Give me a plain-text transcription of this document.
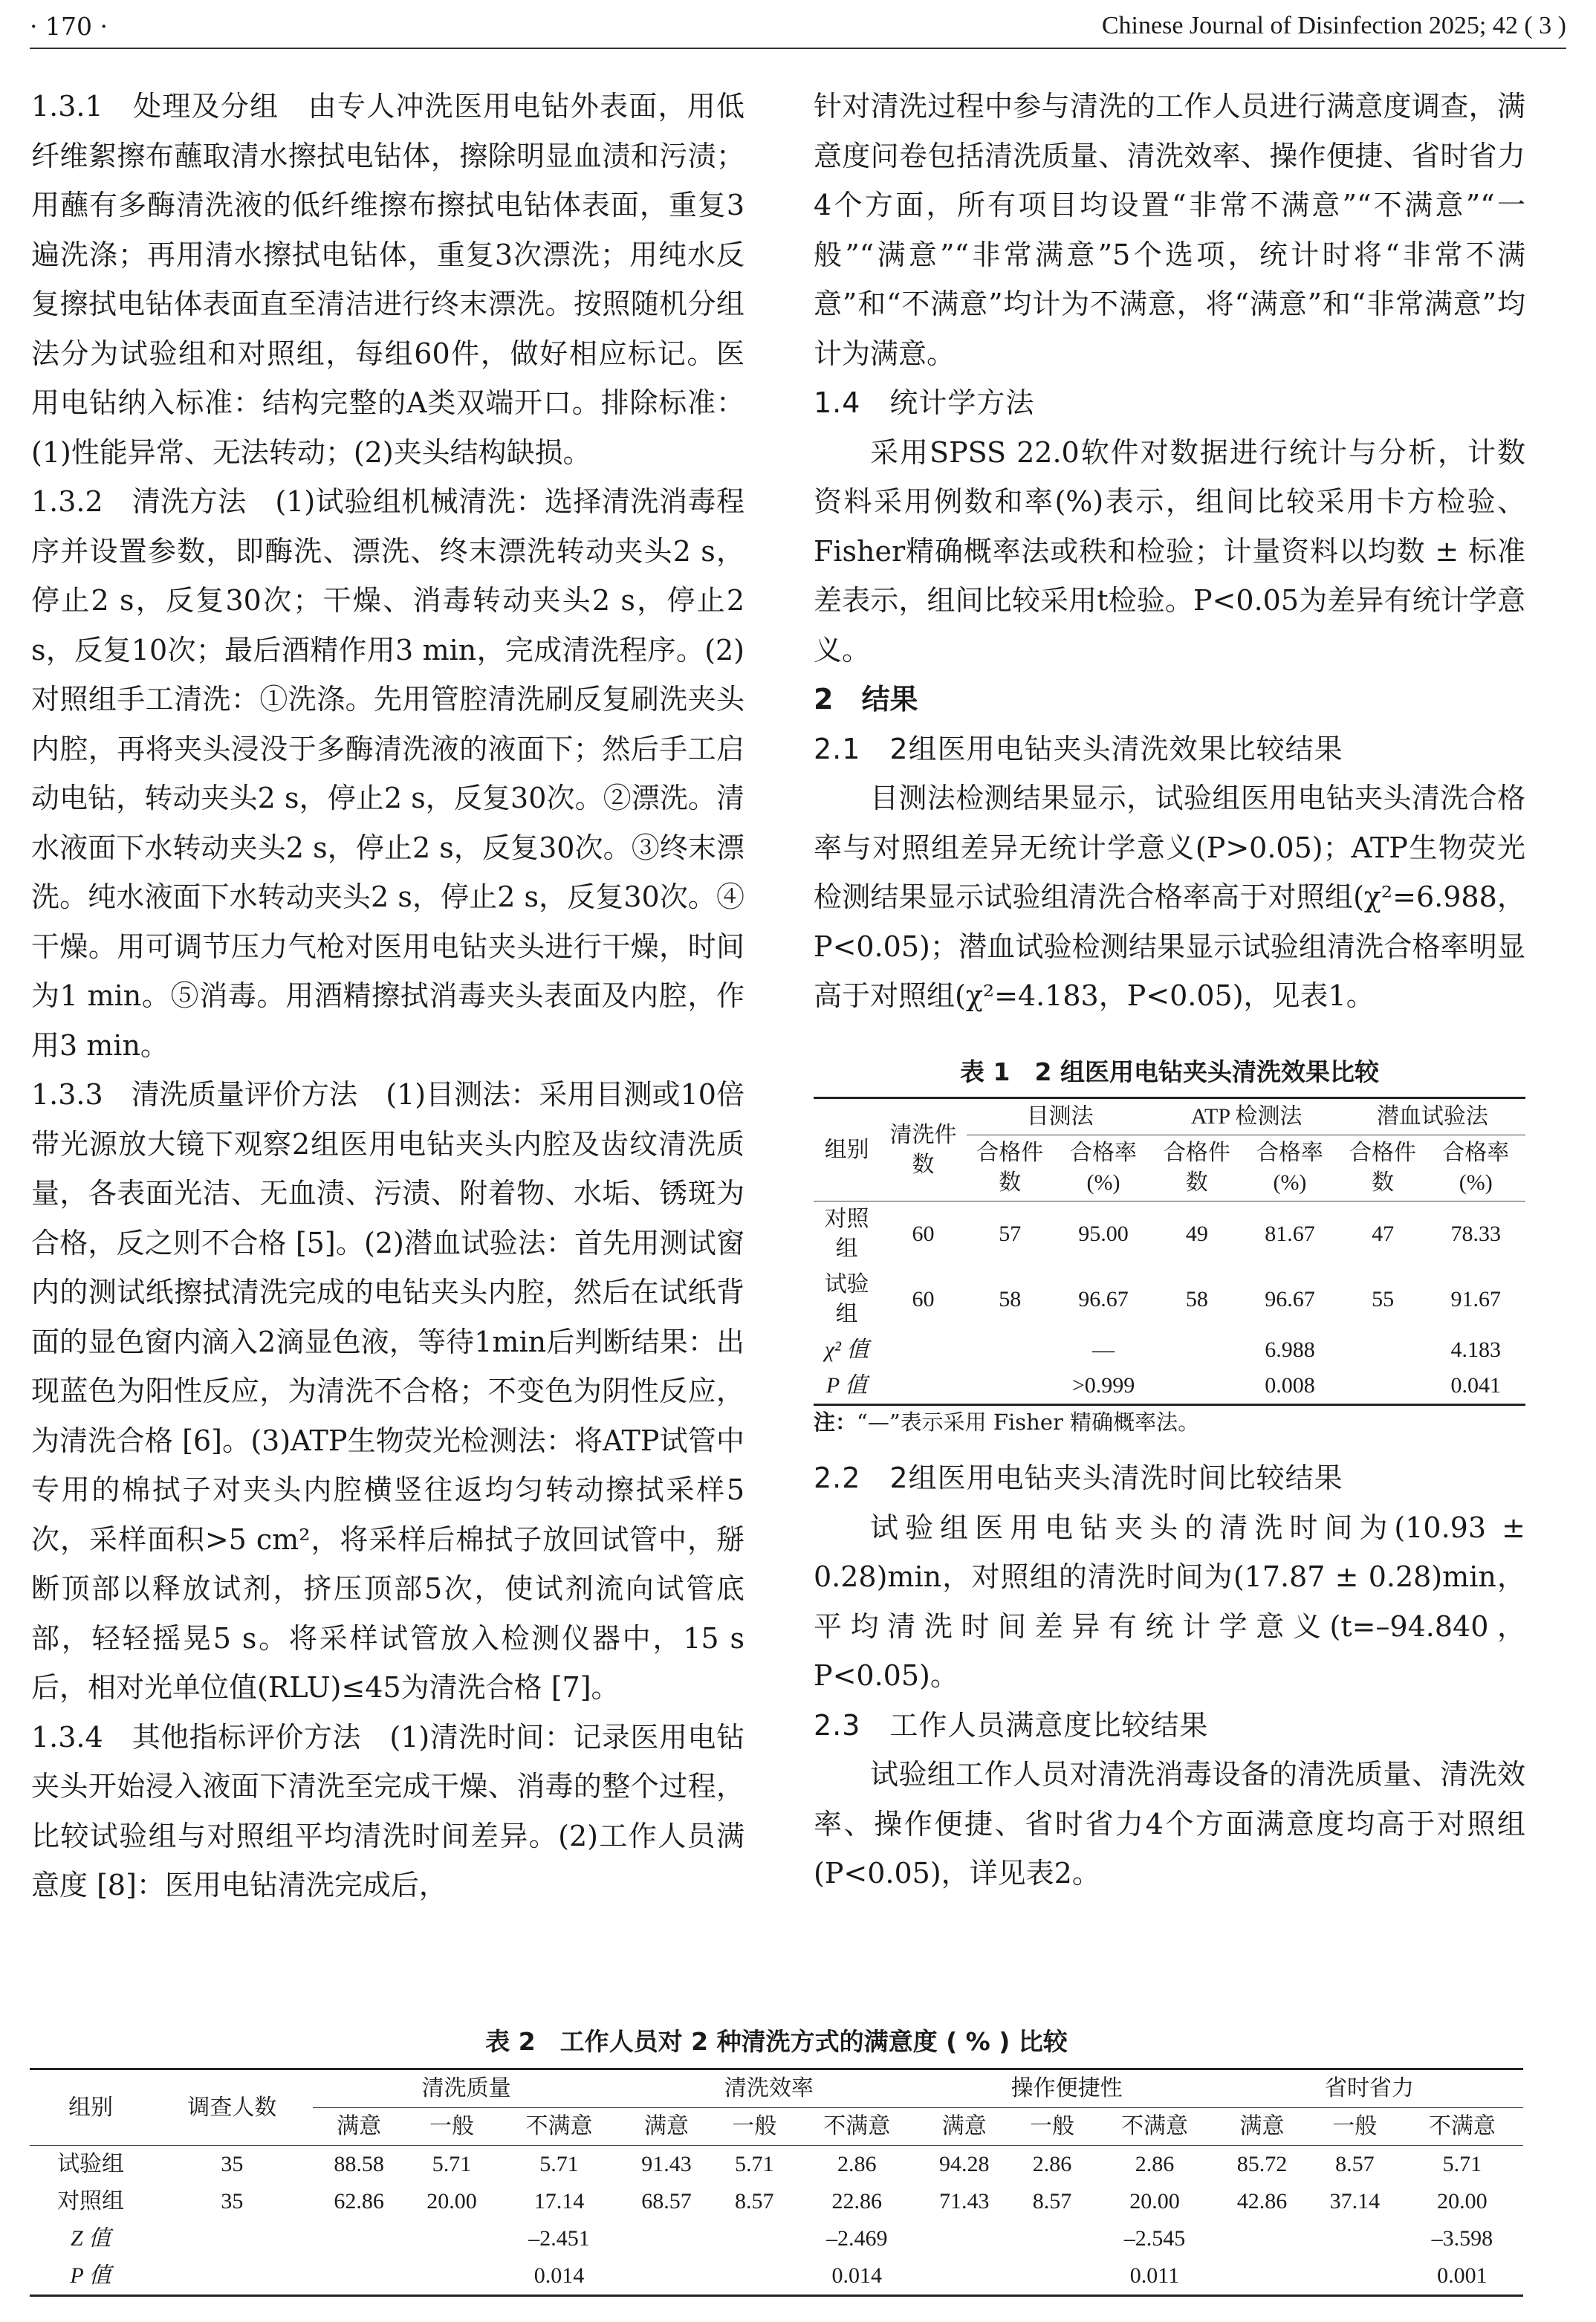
· 170 ·	Chinese Journal of Disinfection 2025; 42 ( 3 )

1.3.1　处理及分组　由专人冲洗医用电钻外表面，用低纤维絮擦布蘸取清水擦拭电钻体，擦除明显血渍和污渍；用蘸有多酶清洗液的低纤维擦布擦拭电钻体表面，重复3遍洗涤；再用清水擦拭电钻体，重复3次漂洗；用纯水反复擦拭电钻体表面直至清洁进行终末漂洗。按照随机分组法分为试验组和对照组，每组60件，做好相应标记。医用电钻纳入标准：结构完整的A类双端开口。排除标准：(1)性能异常、无法转动；(2)夹头结构缺损。

1.3.2　清洗方法　(1)试验组机械清洗：选择清洗消毒程序并设置参数，即酶洗、漂洗、终末漂洗转动夹头2 s，停止2 s，反复30次；干燥、消毒转动夹头2 s，停止2 s，反复10次；最后酒精作用3 min，完成清洗程序。(2)对照组手工清洗：①洗涤。先用管腔清洗刷反复刷洗夹头内腔，再将夹头浸没于多酶清洗液的液面下；然后手工启动电钻，转动夹头2 s，停止2 s，反复30次。②漂洗。清水液面下水转动夹头2 s，停止2 s，反复30次。③终末漂洗。纯水液面下水转动夹头2 s，停止2 s，反复30次。④干燥。用可调节压力气枪对医用电钻夹头进行干燥，时间为1 min。⑤消毒。用酒精擦拭消毒夹头表面及内腔，作用3 min。

1.3.3　清洗质量评价方法　(1)目测法：采用目测或10倍带光源放大镜下观察2组医用电钻夹头内腔及齿纹清洗质量，各表面光洁、无血渍、污渍、附着物、水垢、锈斑为合格，反之则不合格 [5]。(2)潜血试验法：首先用测试窗内的测试纸擦拭清洗完成的电钻夹头内腔，然后在试纸背面的显色窗内滴入2滴显色液，等待1min后判断结果：出现蓝色为阳性反应，为清洗不合格；不变色为阴性反应，为清洗合格 [6]。(3)ATP生物荧光检测法：将ATP试管中专用的棉拭子对夹头内腔横竖往返均匀转动擦拭采样5次，采样面积>5 cm²，将采样后棉拭子放回试管中，掰断顶部以释放试剂，挤压顶部5次，使试剂流向试管底部，轻轻摇晃5 s。将采样试管放入检测仪器中，15 s后，相对光单位值(RLU)≤45为清洗合格 [7]。

1.3.4　其他指标评价方法　(1)清洗时间：记录医用电钻夹头开始浸入液面下清洗至完成干燥、消毒的整个过程，比较试验组与对照组平均清洗时间差异。(2)工作人员满意度 [8]：医用电钻清洗完成后，

针对清洗过程中参与清洗的工作人员进行满意度调查，满意度问卷包括清洗质量、清洗效率、操作便捷、省时省力4个方面，所有项目均设置“非常不满意”“不满意”“一般”“满意”“非常满意”5个选项，统计时将“非常不满意”和“不满意”均计为不满意，将“满意”和“非常满意”均计为满意。

1.4　统计学方法

采用SPSS 22.0软件对数据进行统计与分析，计数资料采用例数和率(%)表示，组间比较采用卡方检验、Fisher精确概率法或秩和检验；计量资料以均数 ± 标准差表示，组间比较采用t检验。P<0.05为差异有统计学意义。

2　结果

2.1　2组医用电钻夹头清洗效果比较结果

目测法检测结果显示，试验组医用电钻夹头清洗合格率与对照组差异无统计学意义(P>0.05)；ATP生物荧光检测结果显示试验组清洗合格率高于对照组(χ²=6.988，P<0.05)；潜血试验检测结果显示试验组清洗合格率明显高于对照组(χ²=4.183，P<0.05)，见表1。

表 1　2 组医用电钻夹头清洗效果比较
组别	清洗件数	目测法		ATP 检测法		潜血试验法	
		合格件数	合格率(%)	合格件数	合格率(%)	合格件数	合格率(%)
对照组	60	57	95.00	49	81.67	47	78.33
试验组	60	58	96.67	58	96.67	55	91.67
χ² 值			—		6.988		4.183
P 值			>0.999		0.008		0.041
注：“—”表示采用 Fisher 精确概率法。

2.2　2组医用电钻夹头清洗时间比较结果

试验组医用电钻夹头的清洗时间为(10.93 ± 0.28)min，对照组的清洗时间为(17.87 ± 0.28)min，平均清洗时间差异有统计学意义(t=–94.840，P<0.05)。

2.3　工作人员满意度比较结果

试验组工作人员对清洗消毒设备的清洗质量、清洗效率、操作便捷、省时省力4个方面满意度均高于对照组(P<0.05)，详见表2。

表 2　工作人员对 2 种清洗方式的满意度 ( % ) 比较
组别	调查人数	清洗质量			清洗效率			操作便捷性			省时省力		
		满意	一般	不满意	满意	一般	不满意	满意	一般	不满意	满意	一般	不满意
试验组	35	88.58	5.71	5.71	91.43	5.71	2.86	94.28	2.86	2.86	85.72	8.57	5.71
对照组	35	62.86	20.00	17.14	68.57	8.57	22.86	71.43	8.57	20.00	42.86	37.14	20.00
Z 值				–2.451			–2.469			–2.545			–3.598
P 值				0.014			0.014			0.011			0.001
